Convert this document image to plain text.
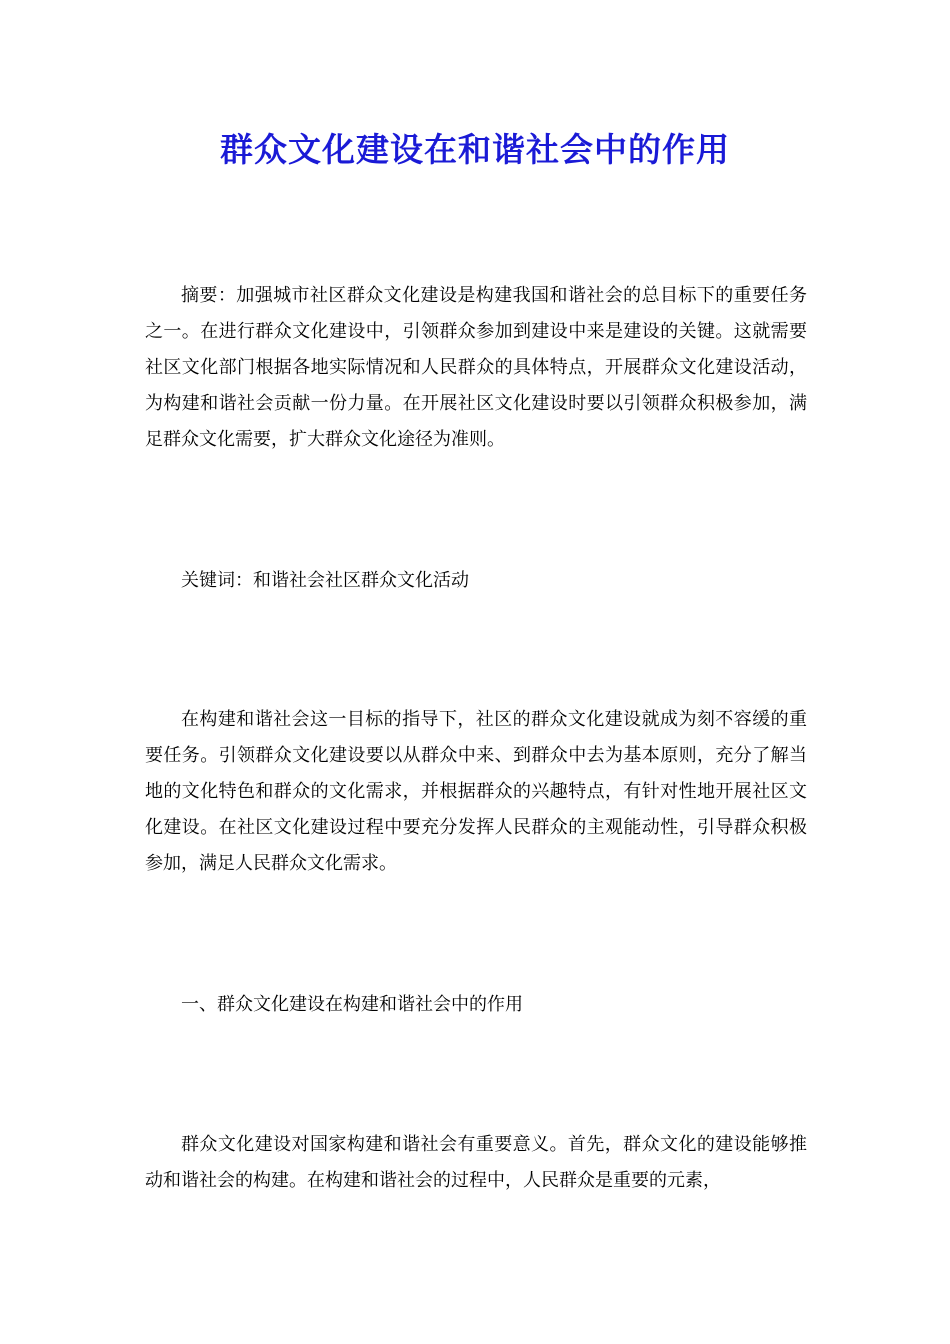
群众文化建设在和谐社会中的作用

摘要：加强城市社区群众文化建设是构建我国和谐社会的总目标下的重要任务之一。在进行群众文化建设中，引领群众参加到建设中来是建设的关键。这就需要社区文化部门根据各地实际情况和人民群众的具体特点，开展群众文化建设活动，为构建和谐社会贡献一份力量。在开展社区文化建设时要以引领群众积极参加，满足群众文化需要，扩大群众文化途径为准则。

关键词：和谐社会社区群众文化活动

在构建和谐社会这一目标的指导下，社区的群众文化建设就成为刻不容缓的重要任务。引领群众文化建设要以从群众中来、到群众中去为基本原则，充分了解当地的文化特色和群众的文化需求，并根据群众的兴趣特点，有针对性地开展社区文化建设。在社区文化建设过程中要充分发挥人民群众的主观能动性，引导群众积极参加，满足人民群众文化需求。

一、群众文化建设在构建和谐社会中的作用

群众文化建设对国家构建和谐社会有重要意义。首先，群众文化的建设能够推动和谐社会的构建。在构建和谐社会的过程中，人民群众是重要的元素，
